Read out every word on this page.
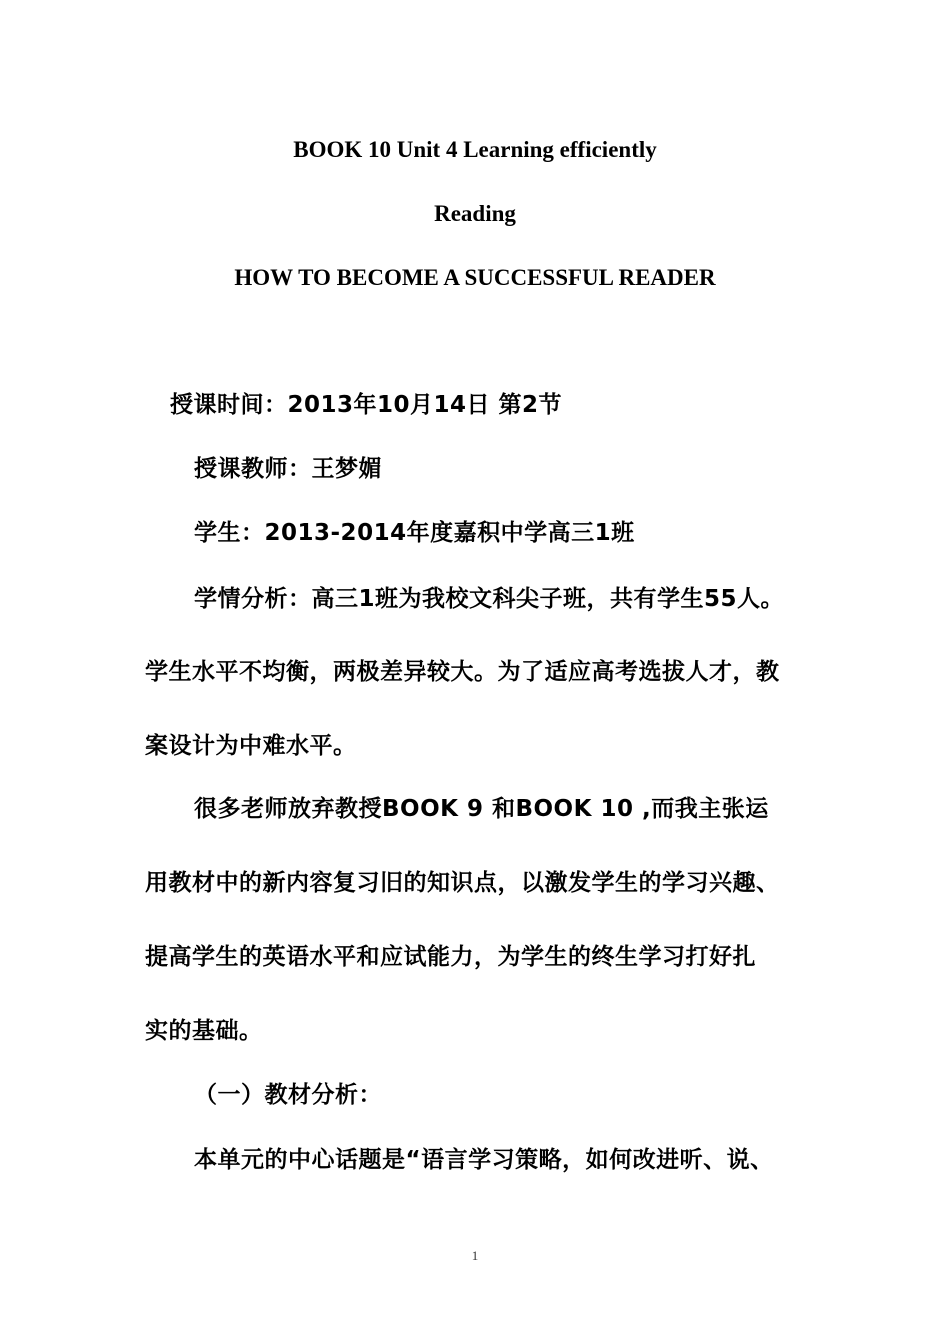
BOOK 10 Unit 4 Learning efficiently
Reading
HOW TO BECOME A SUCCESSFUL READER
授课时间：2013年10月14日 第2节
授课教师：王梦媚
学生：2013-2014年度嘉积中学高三1班
学情分析：高三1班为我校文科尖子班，共有学生55人。
学生水平不均衡，两极差异较大。为了适应高考选拔人才，教
案设计为中难水平。
很多老师放弃教授BOOK 9 和BOOK 10 ,而我主张运
用教材中的新内容复习旧的知识点，以激发学生的学习兴趣、
提高学生的英语水平和应试能力，为学生的终生学习打好扎
实的基础。
（一）教材分析：
本单元的中心话题是“语言学习策略，如何改进听、说、
1
